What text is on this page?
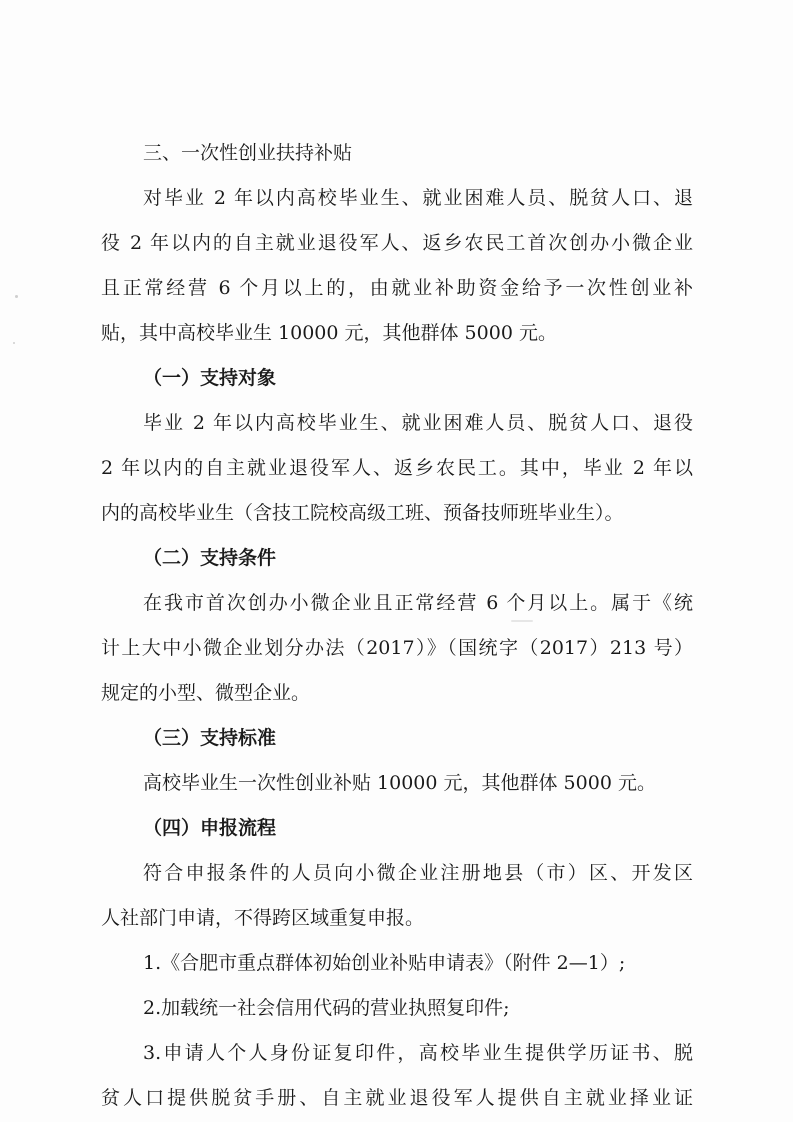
三、一次性创业扶持补贴
对毕业 2 年以内高校毕业生、就业困难人员、脱贫人口、退
役 2 年以内的自主就业退役军人、返乡农民工首次创办小微企业
且正常经营 6 个月以上的，由就业补助资金给予一次性创业补
贴，其中高校毕业生 10000 元，其他群体 5000 元。
（一）支持对象
毕业 2 年以内高校毕业生、就业困难人员、脱贫人口、退役
2 年以内的自主就业退役军人、返乡农民工。其中，毕业 2 年以
内的高校毕业生（含技工院校高级工班、预备技师班毕业生）。
（二）支持条件
在我市首次创办小微企业且正常经营 6 个月以上。属于《统
计上大中小微企业划分办法（2017）》（国统字（2017）213 号）
规定的小型、微型企业。
（三）支持标准
高校毕业生一次性创业补贴 10000 元，其他群体 5000 元。
（四）申报流程
符合申报条件的人员向小微企业注册地县（市）区、开发区
人社部门申请，不得跨区域重复申报。
1.《合肥市重点群体初始创业补贴申请表》（附件 2—1）;
2.加载统一社会信用代码的营业执照复印件;
3.申请人个人身份证复印件，高校毕业生提供学历证书、脱
贫人口提供脱贫手册、自主就业退役军人提供自主就业择业证
